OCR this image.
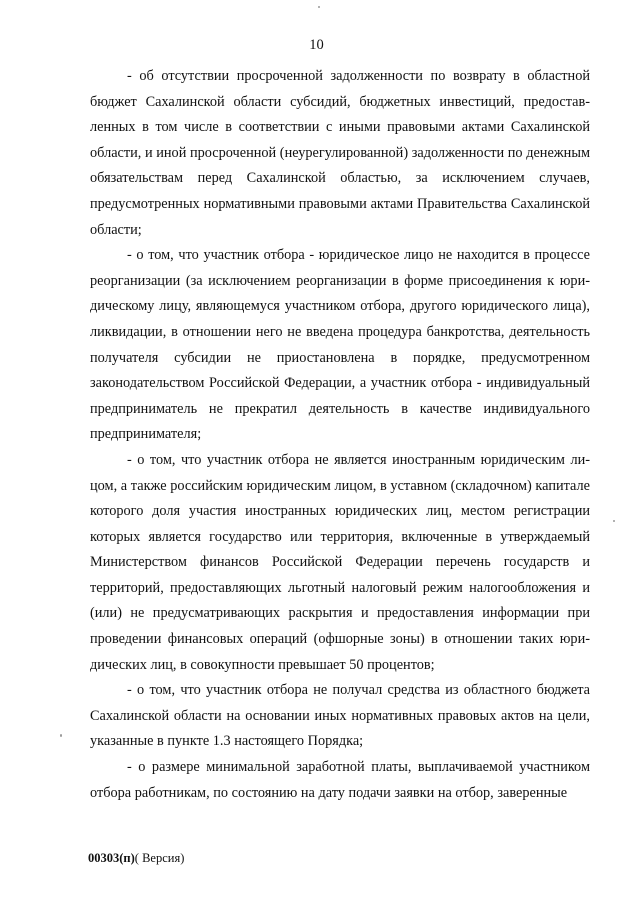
10

- об отсутствии просроченной задолженности по возврату в областной бюджет Сахалинской области субсидий, бюджетных инвестиций, предоставленных в том числе в соответствии с иными правовыми актами Сахалинской области, и иной просроченной (неурегулированной) задолженности по денежным обязательствам перед Сахалинской областью, за исключением случаев, предусмотренных нормативными правовыми актами Правительства Сахалинской области;

- о том, что участник отбора - юридическое лицо не находится в процессе реорганизации (за исключением реорганизации в форме присоединения к юридическому лицу, являющемуся участником отбора, другого юридического лица), ликвидации, в отношении него не введена процедура банкротства, деятельность получателя субсидии не приостановлена в порядке, предусмотренном законодательством Российской Федерации, а участник отбора - индивидуальный предприниматель не прекратил деятельность в качестве индивидуального предпринимателя;

- о том, что участник отбора не является иностранным юридическим лицом, а также российским юридическим лицом, в уставном (складочном) капитале которого доля участия иностранных юридических лиц, местом регистрации которых является государство или территория, включенные в утверждаемый Министерством финансов Российской Федерации перечень государств и территорий, предоставляющих льготный налоговый режим налогообложения и (или) не предусматривающих раскрытия и предоставления информации при проведении финансовых операций (офшорные зоны) в отношении таких юридических лиц, в совокупности превышает 50 процентов;

- о том, что участник отбора не получал средства из областного бюджета Сахалинской области на основании иных нормативных правовых актов на цели, указанные в пункте 1.3 настоящего Порядка;

- о размере минимальной заработной платы, выплачиваемой участником отбора работникам, по состоянию на дату подачи заявки на отбор, заверенные

00303(п)( Версия)
